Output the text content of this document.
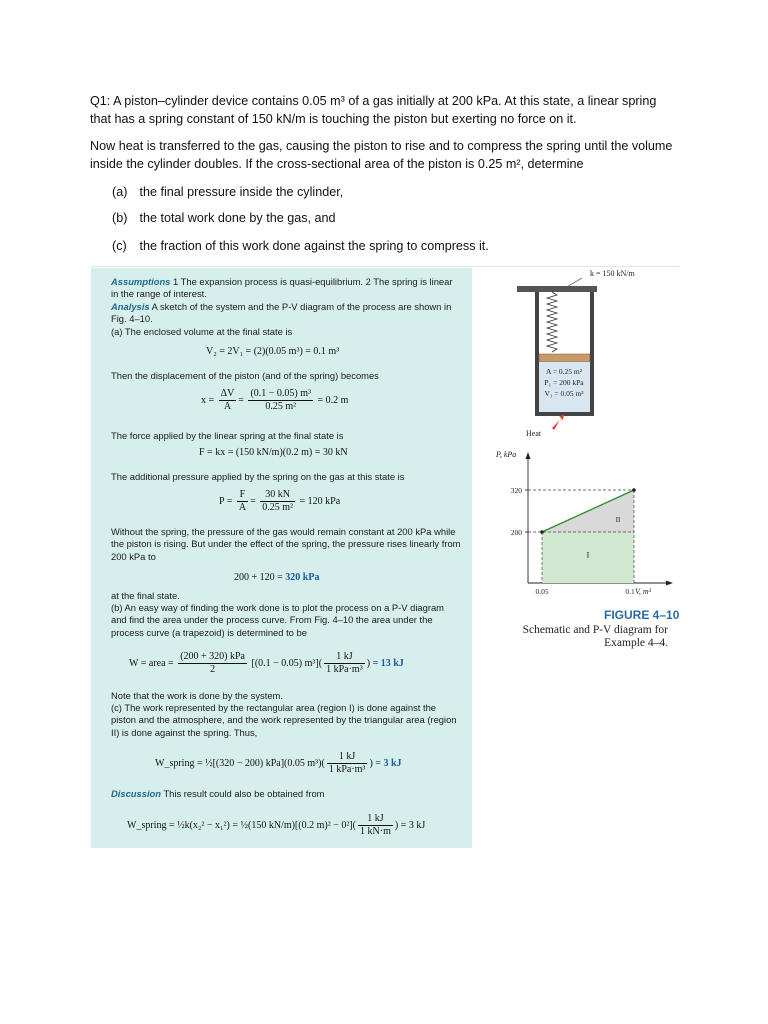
Q1: A piston–cylinder device contains 0.05 m³ of a gas initially at 200 kPa. At this state, a linear spring that has a spring constant of 150 kN/m is touching the piston but exerting no force on it.

Now heat is transferred to the gas, causing the piston to rise and to compress the spring until the volume inside the cylinder doubles. If the cross-sectional area of the piston is 0.25 m², determine

(a) the final pressure inside the cylinder,
(b) the total work done by the gas, and
(c) the fraction of this work done against the spring to compress it.
Assumptions 1 The expansion process is quasi-equilibrium. 2 The spring is linear in the range of interest.
Analysis A sketch of the system and the P-V diagram of the process are shown in Fig. 4–10.
(a) The enclosed volume at the final state is
V₂ = 2V₁ = (2)(0.05 m³) = 0.1 m³
Then the displacement of the piston (and of the spring) becomes
$x = \frac{\Delta V}{A} = \frac{\text{(0.1 − 0.05) m³}}{\text{0.25 m²}} = 0.2$ m
The force applied by the linear spring at the final state is
F = kx = (150 kN/m)(0.2 m) = 30 kN
The additional pressure applied by the spring on the gas at this state is
$P = \frac{F}{A} = \frac{30 kN}{\text{0.25 m²}} = 120$ kPa
Without the spring, the pressure of the gas would remain constant at 200 kPa while the piston is rising. But under the effect of the spring, the pressure rises linearly from 200 kPa to
200 + 120 = 320 kPa
at the final state.
(b) An easy way of finding the work done is to plot the process on a P-V diagram and find the area under the process curve. From Fig. 4–10 the area under the process curve (a trapezoid) is determined to be
W = area = $\frac{\text{(200 + 320) kPa}}{2} [(0.1 - 0.05)$ $m^3]( \frac{1 kJ}{\text{1 kPa·m³}}$ ) = 13 kJ
Note that the work is done by the system.
(c) The work represented by the rectangular area (region I) is done against the piston and the atmosphere, and the work represented by the triangular area (region II) is done against the spring. Thus,
W_spring = ½[(320 − 200) kPa](0.05 $m^3)( \frac{1 kJ}{\text{1 kPa·m³}}$ ) = 3 kJ
Discussion This result could also be obtained from
W_spring = ½k(x₂² − x₁²) = ½(150 kN/m)[(0.2 $m)^2 - 0^2]( \frac{1 kJ}{1 kN\cdot m}$ ) = 3 kJ
k = 150 kN/m
A = 0.25 m²
P₁ = 200 kPa
V₁ = 0.05 m³
Heat
P, kPa
V, m³
200
320
0.05	0.1
I
II
FIGURE 4–10
Schematic and P-V diagram for
Example 4–4.
